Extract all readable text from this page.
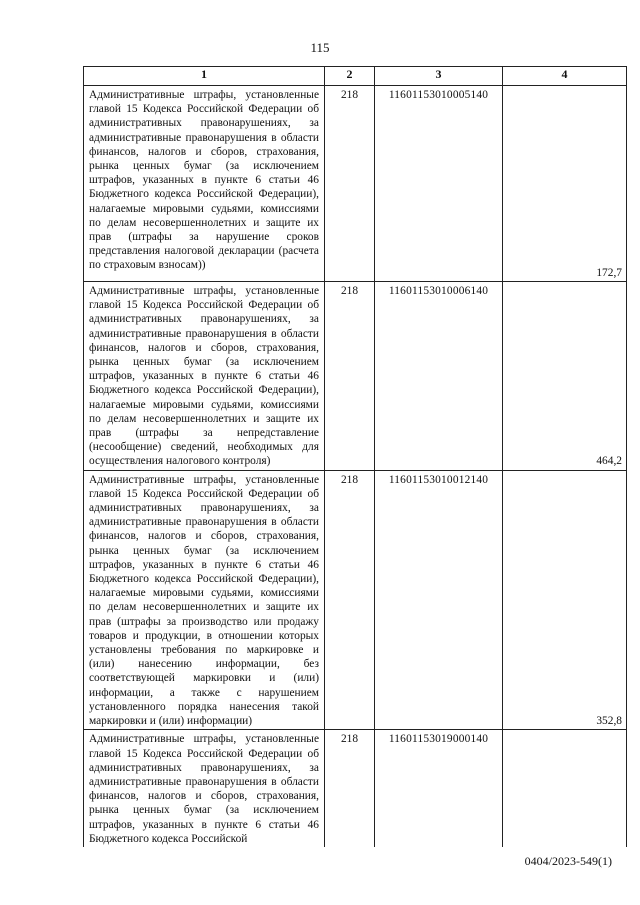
115
1	2	3	4
Административные штрафы, установленные главой 15 Кодекса Российской Федерации об административных правонарушениях, за административные правонарушения в области финансов, налогов и сборов, страхования, рынка ценных бумаг (за исключением штрафов, указанных в пункте 6 статьи 46 Бюджетного кодекса Российской Федерации), налагаемые мировыми судьями, комиссиями по делам несовершеннолетних и защите их прав (штрафы за нарушение сроков представления налоговой декларации (расчета по страховым взносам))	218	11601153010005140	172,7

Административные штрафы, установленные главой 15 Кодекса Российской Федерации об административных правонарушениях, за административные правонарушения в области финансов, налогов и сборов, страхования, рынка ценных бумаг (за исключением штрафов, указанных в пункте 6 статьи 46 Бюджетного кодекса Российской Федерации), налагаемые мировыми судьями, комиссиями по делам несовершеннолетних и защите их прав (штрафы за непредставление (несообщение) сведений, необходимых для осуществления налогового контроля)	218	11601153010006140	464,2

Административные штрафы, установленные главой 15 Кодекса Российской Федерации об административных правонарушениях, за административные правонарушения в области финансов, налогов и сборов, страхования, рынка ценных бумаг (за исключением штрафов, указанных в пункте 6 статьи 46 Бюджетного кодекса Российской Федерации), налагаемые мировыми судьями, комиссиями по делам несовершеннолетних и защите их прав (штрафы за производство или продажу товаров и продукции, в отношении которых установлены требования по маркировке и (или) нанесению информации, без соответствующей маркировки и (или) информации, а также с нарушением установленного порядка нанесения такой маркировки и (или) информации)	218	11601153010012140	352,8

Административные штрафы, установленные главой 15 Кодекса Российской Федерации об административных правонарушениях, за административные правонарушения в области финансов, налогов и сборов, страхования, рынка ценных бумаг (за исключением штрафов, указанных в пункте 6 статьи 46 Бюджетного кодекса Российской	218	11601153019000140	
0404/2023-549(1)
